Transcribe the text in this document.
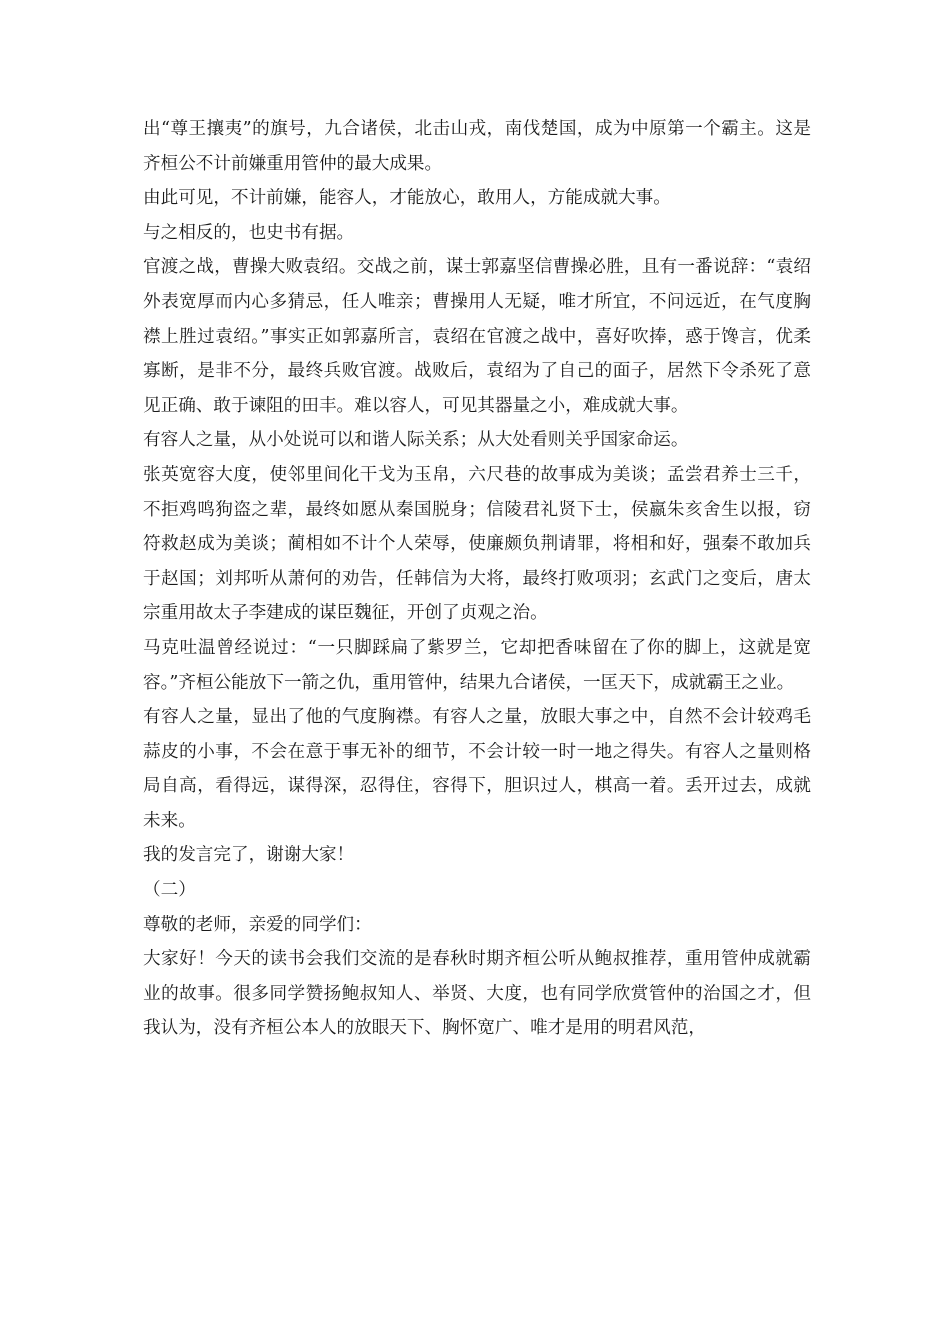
出“尊王攘夷”的旗号，九合诸侯，北击山戎，南伐楚国，成为中原第一个霸主。这是齐桓公不计前嫌重用管仲的最大成果。

由此可见，不计前嫌，能容人，才能放心，敢用人，方能成就大事。

与之相反的，也史书有据。

官渡之战，曹操大败袁绍。交战之前，谋士郭嘉坚信曹操必胜，且有一番说辞：“袁绍外表宽厚而内心多猜忌，任人唯亲；曹操用人无疑，唯才所宜，不问远近，在气度胸襟上胜过袁绍。”事实正如郭嘉所言，袁绍在官渡之战中，喜好吹捧，惑于馋言，优柔寡断，是非不分，最终兵败官渡。战败后，袁绍为了自己的面子，居然下令杀死了意见正确、敢于谏阻的田丰。难以容人，可见其器量之小，难成就大事。

有容人之量，从小处说可以和谐人际关系；从大处看则关乎国家命运。

张英宽容大度，使邻里间化干戈为玉帛，六尺巷的故事成为美谈；孟尝君养士三千，不拒鸡鸣狗盗之辈，最终如愿从秦国脱身；信陵君礼贤下士，侯嬴朱亥舍生以报，窃符救赵成为美谈；蔺相如不计个人荣辱，使廉颇负荆请罪，将相和好，强秦不敢加兵于赵国；刘邦听从萧何的劝告，任韩信为大将，最终打败项羽；玄武门之变后，唐太宗重用故太子李建成的谋臣魏征，开创了贞观之治。

马克吐温曾经说过：“一只脚踩扁了紫罗兰，它却把香味留在了你的脚上，这就是宽容。”齐桓公能放下一箭之仇，重用管仲，结果九合诸侯，一匡天下，成就霸王之业。

有容人之量，显出了他的气度胸襟。有容人之量，放眼大事之中，自然不会计较鸡毛蒜皮的小事，不会在意于事无补的细节，不会计较一时一地之得失。有容人之量则格局自高，看得远，谋得深，忍得住，容得下，胆识过人，棋高一着。丢开过去，成就未来。

我的发言完了，谢谢大家！

（二）

尊敬的老师，亲爱的同学们：

大家好！今天的读书会我们交流的是春秋时期齐桓公听从鲍叔推荐，重用管仲成就霸业的故事。很多同学赞扬鲍叔知人、举贤、大度，也有同学欣赏管仲的治国之才，但我认为，没有齐桓公本人的放眼天下、胸怀宽广、唯才是用的明君风范，
